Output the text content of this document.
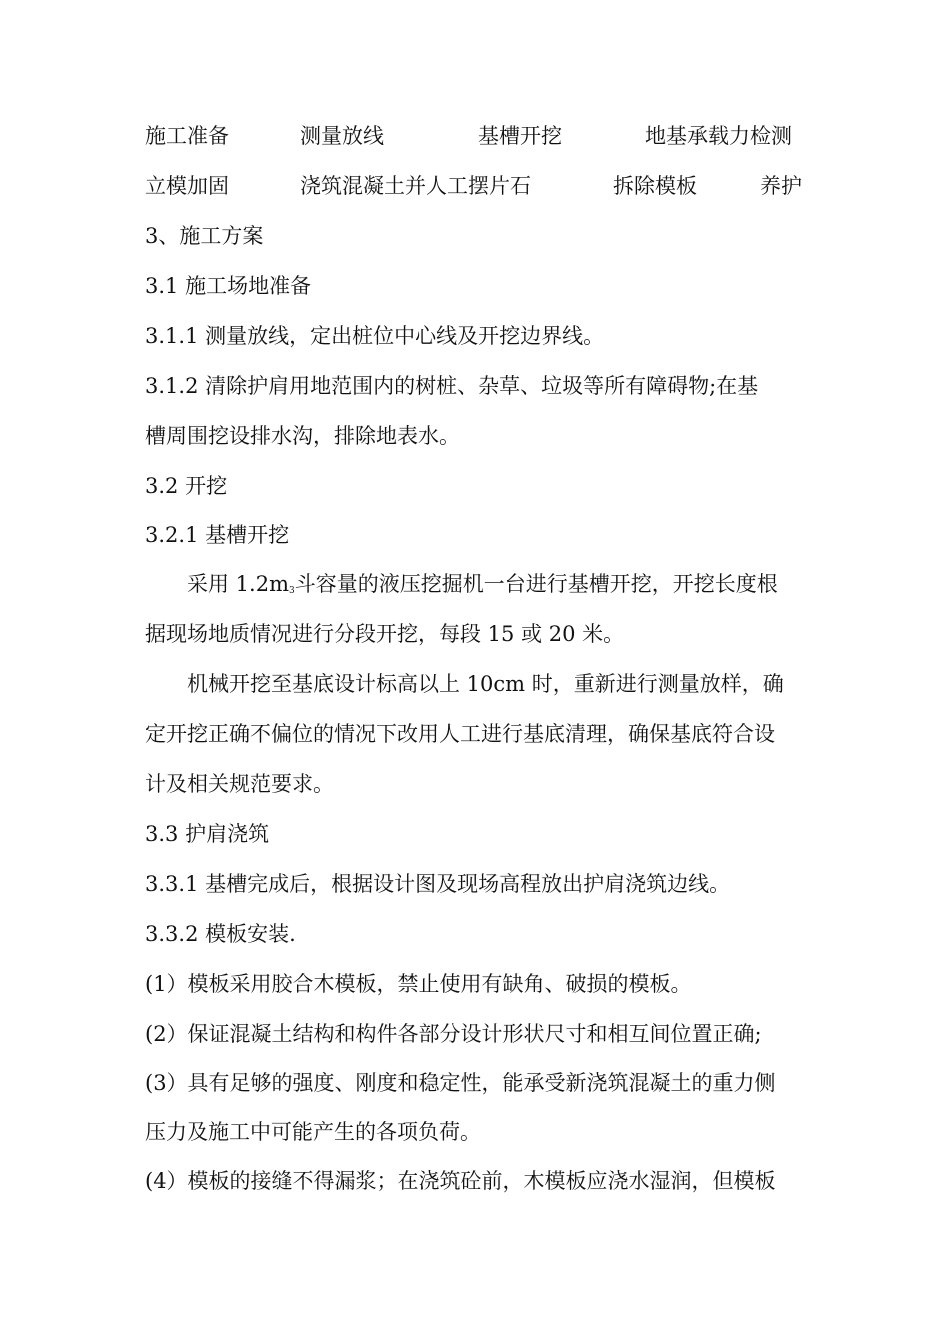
施工准备	测量放线	基槽开挖	地基承载力检测
立模加固	浇筑混凝土并人工摆片石	拆除模板	养护
3、施工方案
3.1 施工场地准备
3.1.1 测量放线，定出桩位中心线及开挖边界线。
3.1.2 清除护肩用地范围内的树桩、杂草、垃圾等所有障碍物;在基
槽周围挖设排水沟，排除地表水。
3.2 开挖
3.2.1 基槽开挖
采用 $1.2m^3$斗容量的液压挖掘机一台进行基槽开挖，开挖长度根
据现场地质情况进行分段开挖，每段 15 或 20 米。
机械开挖至基底设计标高以上 10cm 时，重新进行测量放样，确
定开挖正确不偏位的情况下改用人工进行基底清理，确保基底符合设
计及相关规范要求。
3.3 护肩浇筑
3.3.1 基槽完成后，根据设计图及现场高程放出护肩浇筑边线。
3.3.2 模板安装.
(1）模板采用胶合木模板，禁止使用有缺角、破损的模板。
(2）保证混凝土结构和构件各部分设计形状尺寸和相互间位置正确;
(3）具有足够的强度、刚度和稳定性，能承受新浇筑混凝土的重力侧
压力及施工中可能产生的各项负荷。
(4）模板的接缝不得漏浆；在浇筑砼前，木模板应浇水湿润，但模板
